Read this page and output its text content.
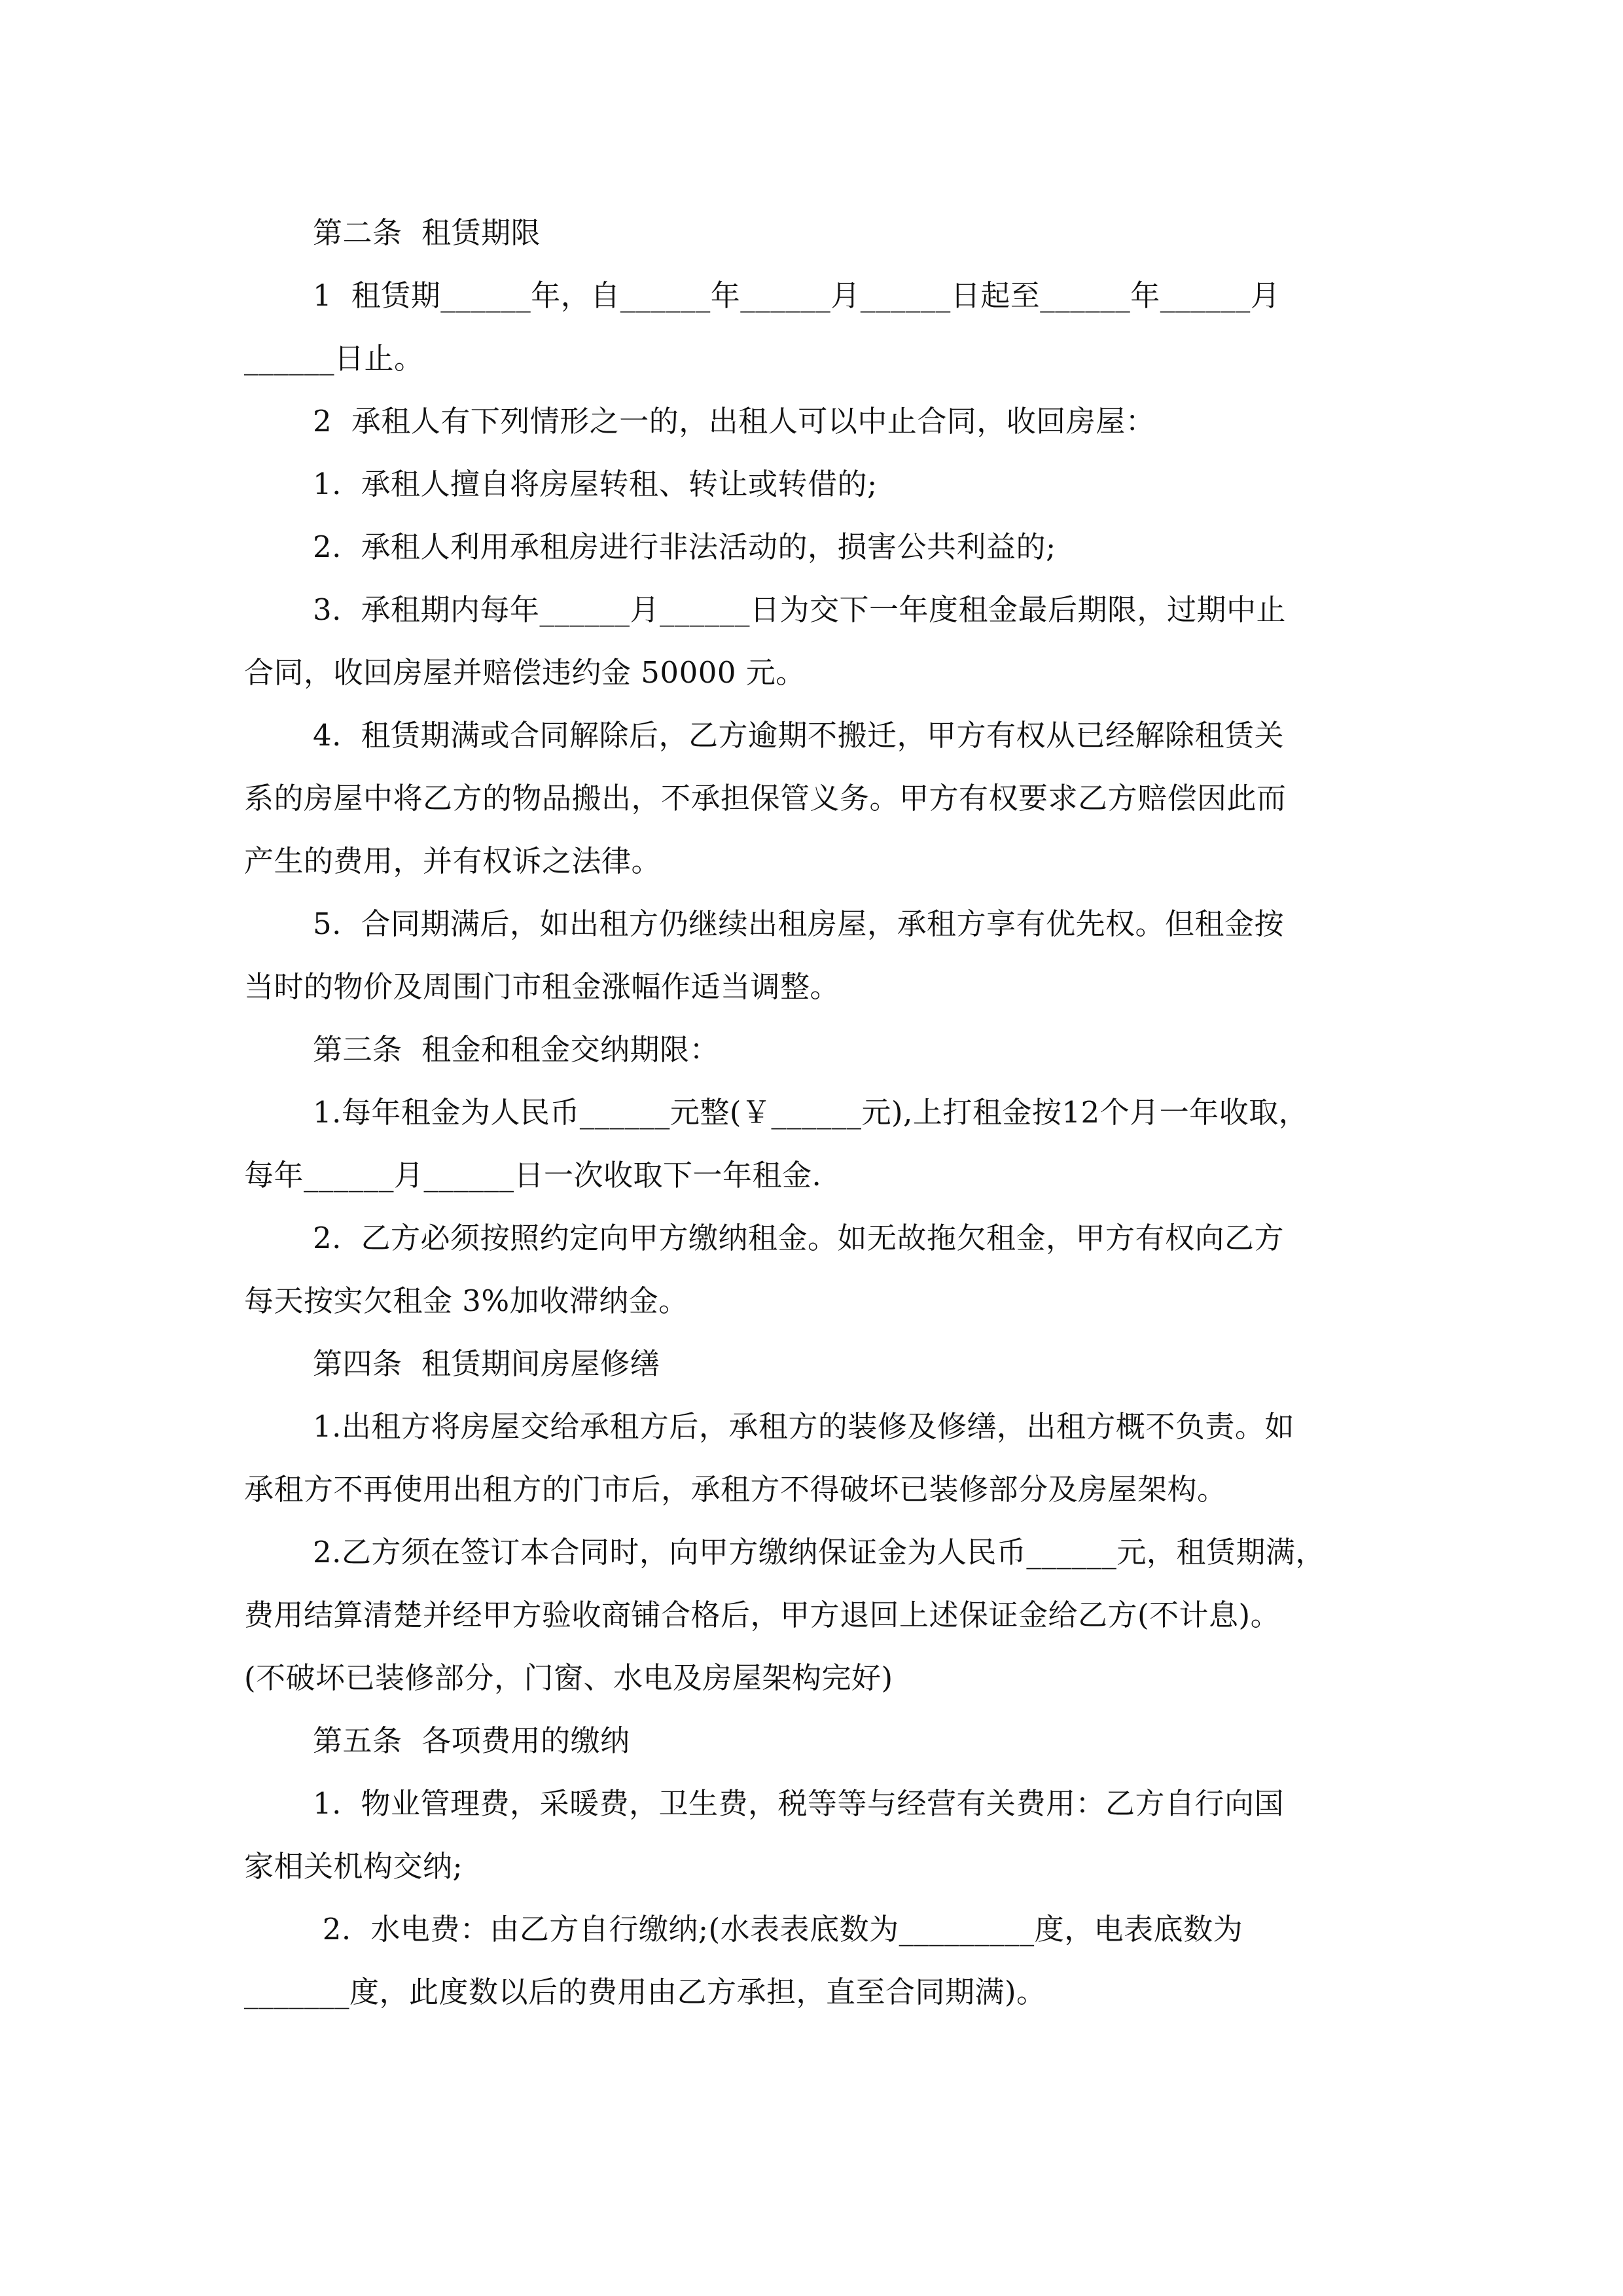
第二条  租赁期限
1  租赁期______年，自______年______月______日起至______年______月
______日止。
2  承租人有下列情形之一的，出租人可以中止合同，收回房屋：
1.  承租人擅自将房屋转租、转让或转借的;
2.  承租人利用承租房进行非法活动的，损害公共利益的;
3.  承租期内每年______月______日为交下一年度租金最后期限，过期中止
合同，收回房屋并赔偿违约金 50000 元。
4.  租赁期满或合同解除后，乙方逾期不搬迁，甲方有权从已经解除租赁关
系的房屋中将乙方的物品搬出，不承担保管义务。甲方有权要求乙方赔偿因此而
产生的费用，并有权诉之法律。
5.  合同期满后，如出租方仍继续出租房屋，承租方享有优先权。但租金按
当时的物价及周围门市租金涨幅作适当调整。
第三条  租金和租金交纳期限：
1.每年租金为人民币______元整(￥______元),上打租金按12个月一年收取，
每年______月______日一次收取下一年租金.
2.  乙方必须按照约定向甲方缴纳租金。如无故拖欠租金，甲方有权向乙方
每天按实欠租金 3%加收滞纳金。
第四条  租赁期间房屋修缮
1.出租方将房屋交给承租方后，承租方的装修及修缮，出租方概不负责。如
承租方不再使用出租方的门市后，承租方不得破坏已装修部分及房屋架构。
2.乙方须在签订本合同时，向甲方缴纳保证金为人民币______元，租赁期满，
费用结算清楚并经甲方验收商铺合格后，甲方退回上述保证金给乙方(不计息)。
(不破坏已装修部分，门窗、水电及房屋架构完好)
第五条  各项费用的缴纳
1.  物业管理费，采暖费，卫生费，税等等与经营有关费用：乙方自行向国
家相关机构交纳;
2.  水电费：由乙方自行缴纳;(水表表底数为_________度，电表底数为
_______度，此度数以后的费用由乙方承担，直至合同期满)。
